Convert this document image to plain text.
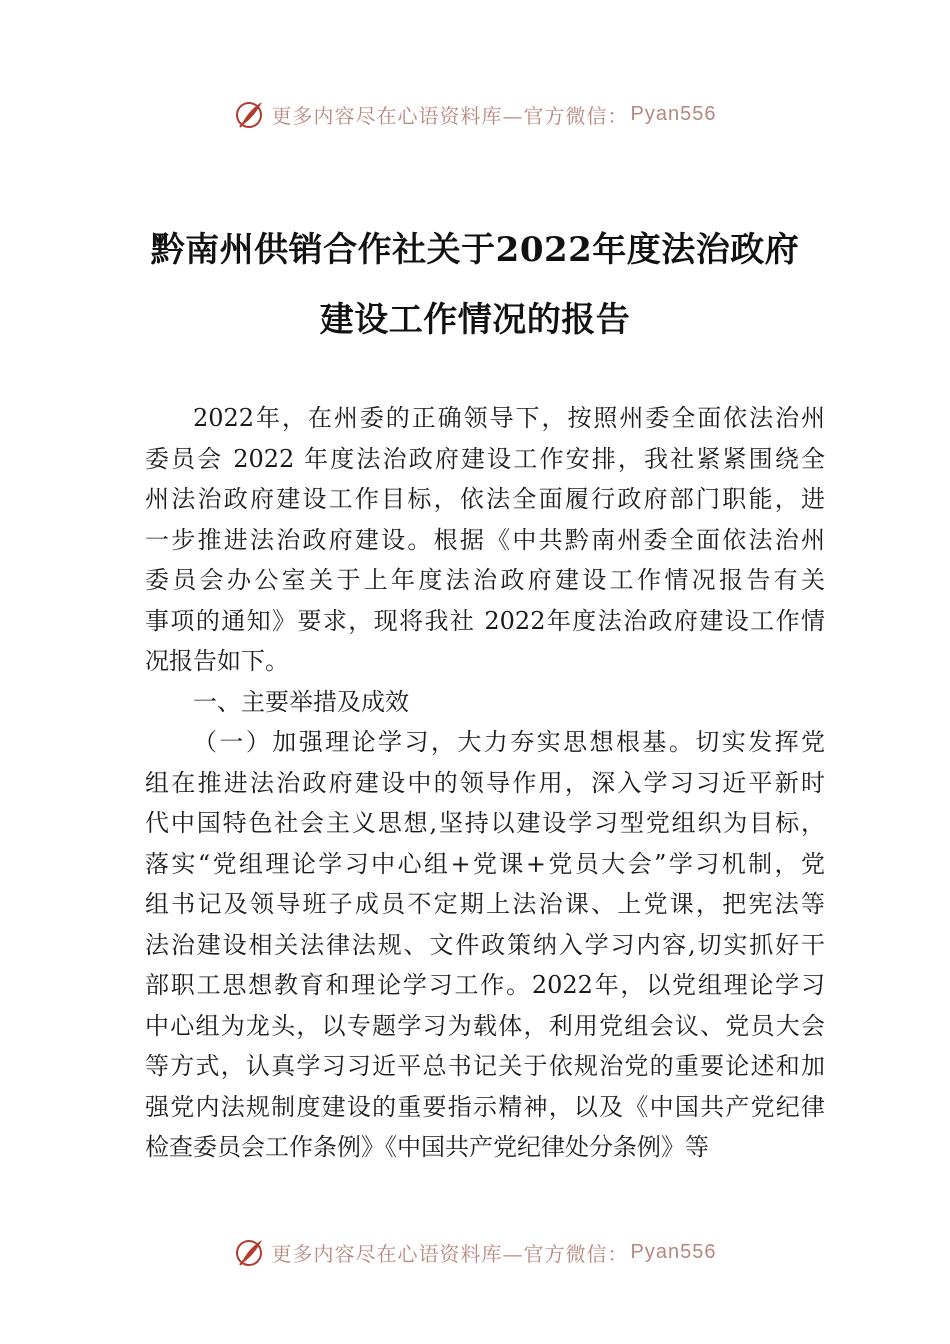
更多内容尽在心语资料库—官方微信： Pyan556
黔南州供销合作社关于2022年度法治政府
建设工作情况的报告
2022年，在州委的正确领导下，按照州委全面依法治州
委员会 2022 年度法治政府建设工作安排，我社紧紧围绕全
州法治政府建设工作目标，依法全面履行政府部门职能，进
一步推进法治政府建设。根据《中共黔南州委全面依法治州
委员会办公室关于上年度法治政府建设工作情况报告有关
事项的通知》要求，现将我社 2022年度法治政府建设工作情
况报告如下。
一、主要举措及成效
（一）加强理论学习，大力夯实思想根基。切实发挥党
组在推进法治政府建设中的领导作用，深入学习习近平新时
代中国特色社会主义思想,坚持以建设学习型党组织为目标，
落实“党组理论学习中心组+党课+党员大会”学习机制，党
组书记及领导班子成员不定期上法治课、上党课，把宪法等
法治建设相关法律法规、文件政策纳入学习内容,切实抓好干
部职工思想教育和理论学习工作。2022年，以党组理论学习
中心组为龙头，以专题学习为载体，利用党组会议、党员大会
等方式，认真学习习近平总书记关于依规治党的重要论述和加
强党内法规制度建设的重要指示精神，以及《中国共产党纪律
检查委员会工作条例》《中国共产党纪律处分条例》等
更多内容尽在心语资料库—官方微信： Pyan556
